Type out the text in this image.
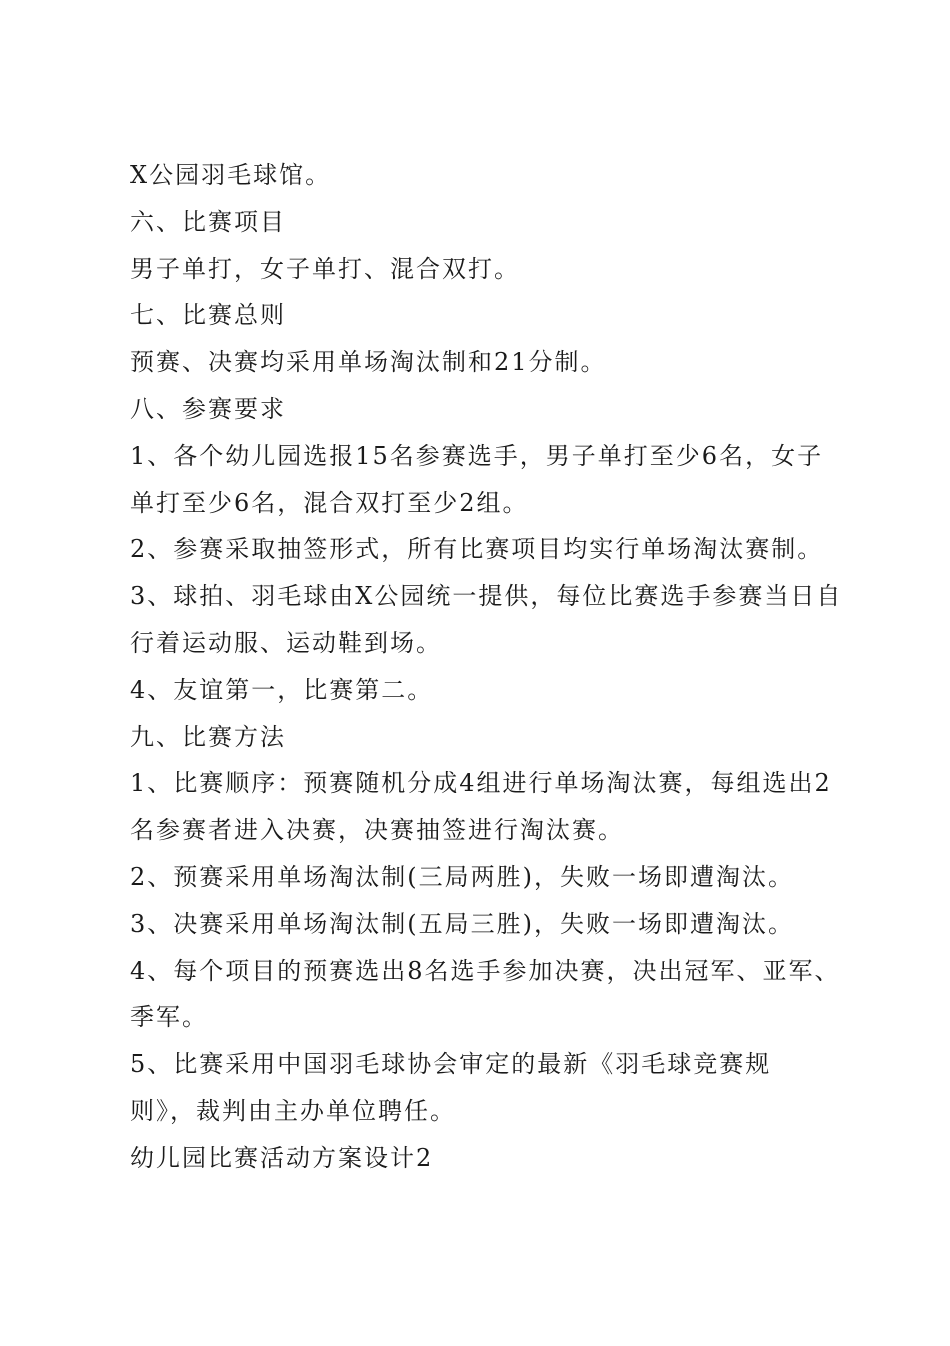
X公园羽毛球馆。
六、比赛项目
男子单打，女子单打、混合双打。
七、比赛总则
预赛、决赛均采用单场淘汰制和21分制。
八、参赛要求
1、各个幼儿园选报15名参赛选手，男子单打至少6名，女子
单打至少6名，混合双打至少2组。
2、参赛采取抽签形式，所有比赛项目均实行单场淘汰赛制。
3、球拍、羽毛球由X公园统一提供，每位比赛选手参赛当日自
行着运动服、运动鞋到场。
4、友谊第一，比赛第二。
九、比赛方法
1、比赛顺序：预赛随机分成4组进行单场淘汰赛，每组选出2
名参赛者进入决赛，决赛抽签进行淘汰赛。
2、预赛采用单场淘汰制(三局两胜)，失败一场即遭淘汰。
3、决赛采用单场淘汰制(五局三胜)，失败一场即遭淘汰。
4、每个项目的预赛选出8名选手参加决赛，决出冠军、亚军、
季军。
5、比赛采用中国羽毛球协会审定的最新《羽毛球竞赛规
则》，裁判由主办单位聘任。
幼儿园比赛活动方案设计2
